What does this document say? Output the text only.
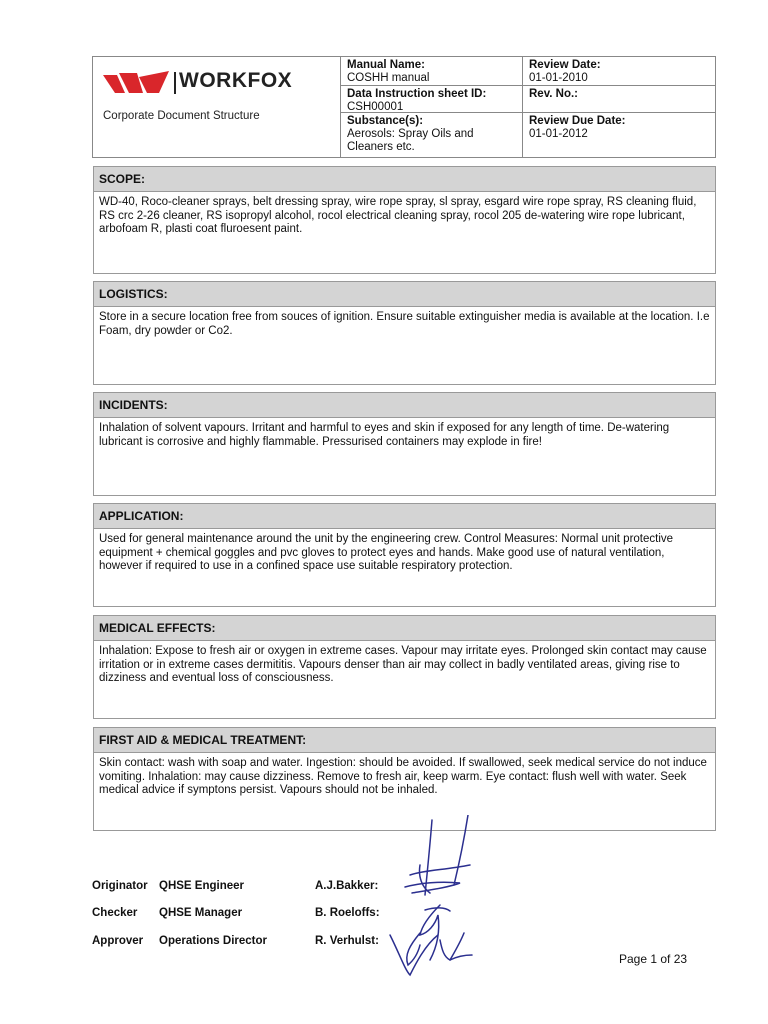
WORKFOX
Corporate Document Structure
Manual Name:
COSHH manual
Review Date:
01-01-2010
Data Instruction sheet ID:
CSH00001
Rev. No.:
Substance(s):
Aerosols: Spray Oils and Cleaners etc.
Review Due Date:
01-01-2012
SCOPE:
WD-40, Roco-cleaner sprays, belt dressing spray, wire rope spray, sl spray, esgard wire rope spray, RS cleaning fluid, RS crc 2-26 cleaner, RS isopropyl alcohol, rocol electrical cleaning spray, rocol 205 de-watering wire rope lubricant, arbofoam R, plasti coat fluroesent paint.
LOGISTICS:
Store in a secure location free from souces of ignition. Ensure suitable extinguisher media is available at the location. I.e Foam, dry powder or Co2.
INCIDENTS:
Inhalation of solvent vapours. Irritant and harmful to eyes and skin if exposed for any length of time. De-watering lubricant is corrosive and highly flammable. Pressurised containers may explode in fire!
APPLICATION:
Used for general maintenance around the unit by the engineering crew. Control Measures: Normal unit protective equipment + chemical goggles and pvc gloves to protect eyes and hands. Make good use of natural ventilation, however if required to use in a confined space use suitable respiratory protection.
MEDICAL EFFECTS:
Inhalation: Expose to fresh air or oxygen in extreme cases. Vapour may irritate eyes. Prolonged skin contact may cause irritation or in extreme cases dermititis. Vapours denser than air may collect in badly ventilated areas, giving rise to dizziness and eventual loss of consciousness.
FIRST AID & MEDICAL TREATMENT:
Skin contact: wash with soap and water. Ingestion: should be avoided. If swallowed, seek medical service do not induce vomiting. Inhalation: may cause dizziness. Remove to fresh air, keep warm. Eye contact: flush well with water. Seek medical advice if symptons persist. Vapours should not be inhaled.
Originator QHSE Engineer	A.J.Bakker:
Checker QHSE Manager	B. Roeloffs:
Approver Operations Director	R. Verhulst:
Page 1 of 23
